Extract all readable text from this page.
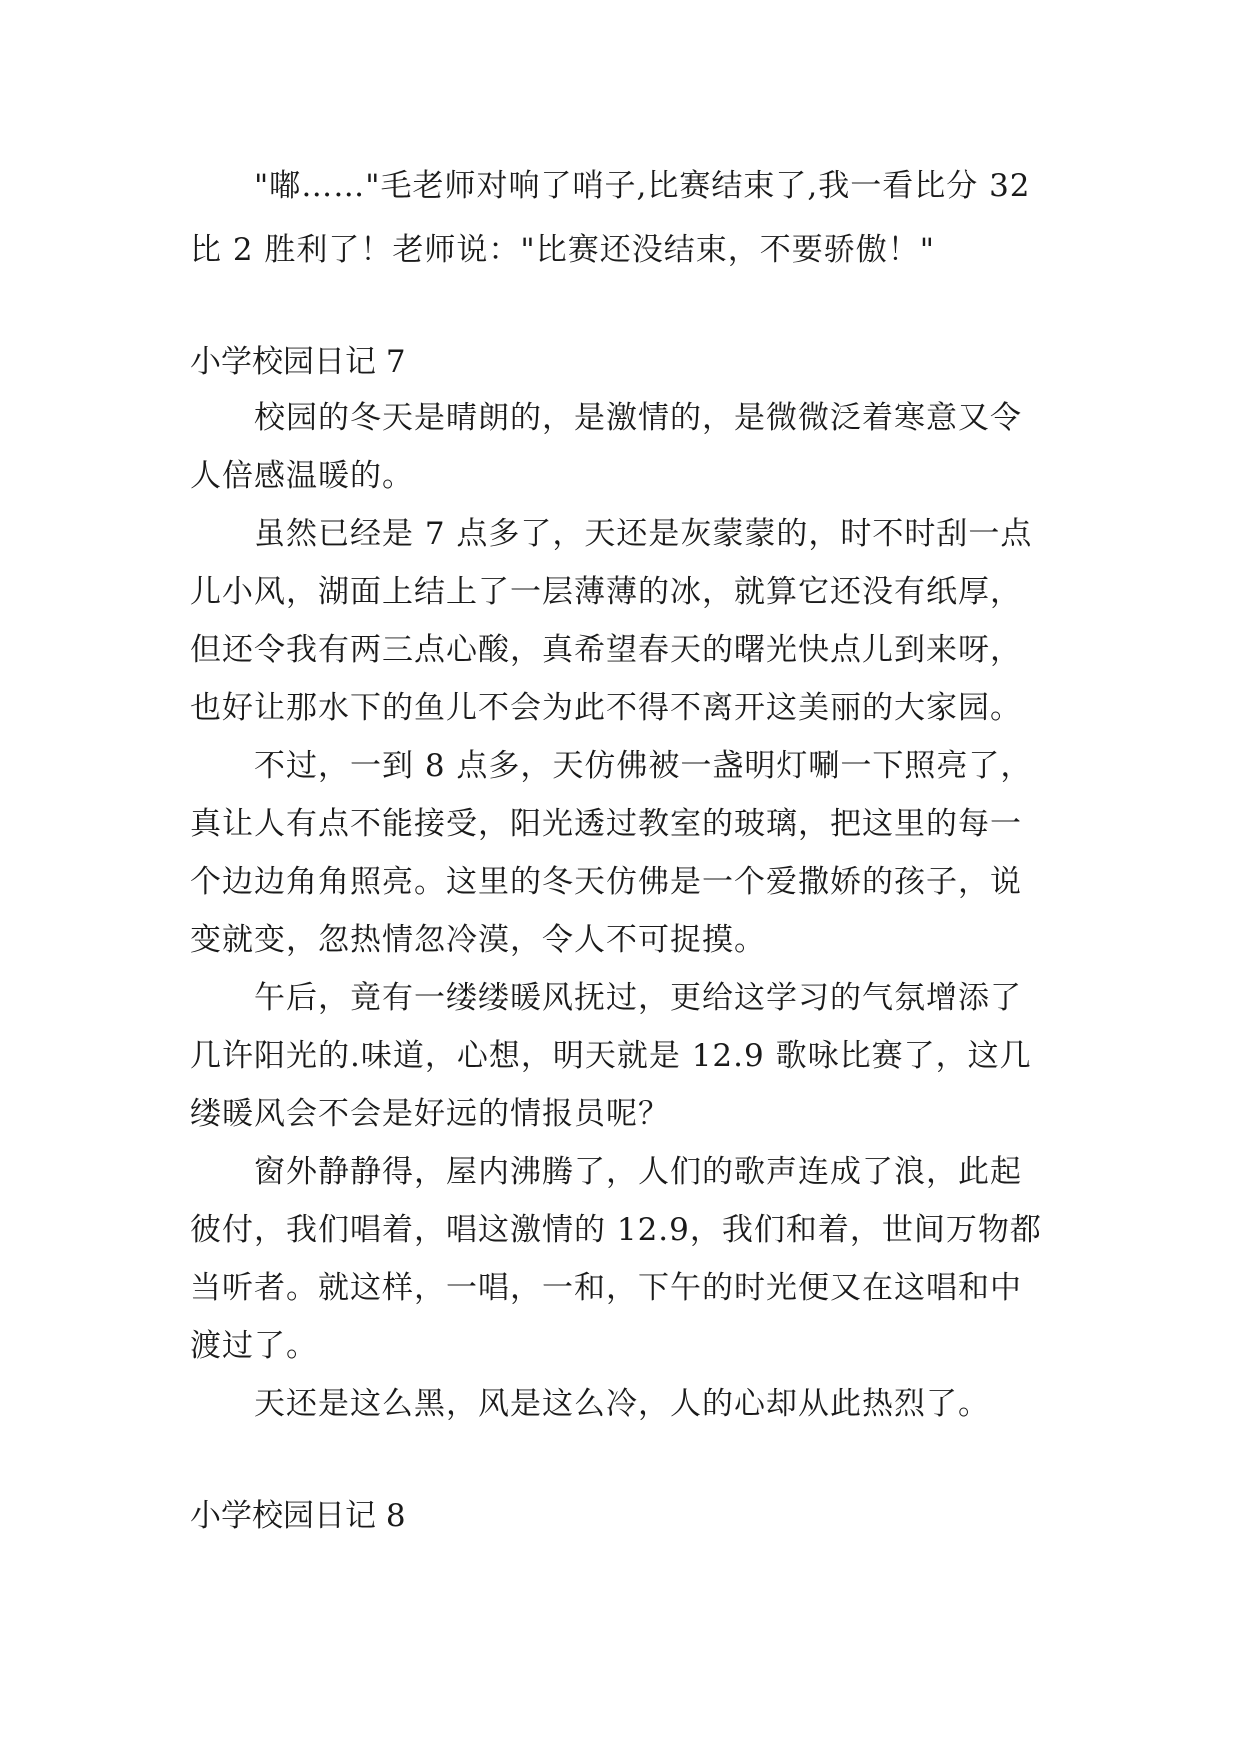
"嘟……"毛老师对响了哨子,比赛结束了,我一看比分 32
比 2 胜利了！老师说："比赛还没结束，不要骄傲！"
小学校园日记 7
校园的冬天是晴朗的，是激情的，是微微泛着寒意又令
人倍感温暖的。
虽然已经是 7 点多了，天还是灰蒙蒙的，时不时刮一点
儿小风，湖面上结上了一层薄薄的冰，就算它还没有纸厚，
但还令我有两三点心酸，真希望春天的曙光快点儿到来呀，
也好让那水下的鱼儿不会为此不得不离开这美丽的大家园。
不过，一到 8 点多，天仿佛被一盏明灯唰一下照亮了，
真让人有点不能接受，阳光透过教室的玻璃，把这里的每一
个边边角角照亮。这里的冬天仿佛是一个爱撒娇的孩子，说
变就变，忽热情忽冷漠，令人不可捉摸。
午后，竟有一缕缕暖风抚过，更给这学习的气氛增添了
几许阳光的.味道，心想，明天就是 12.9 歌咏比赛了，这几
缕暖风会不会是好远的情报员呢？
窗外静静得，屋内沸腾了，人们的歌声连成了浪，此起
彼付，我们唱着，唱这激情的 12.9，我们和着，世间万物都
当听者。就这样，一唱，一和，下午的时光便又在这唱和中
渡过了。
天还是这么黑，风是这么冷，人的心却从此热烈了。
小学校园日记 8
